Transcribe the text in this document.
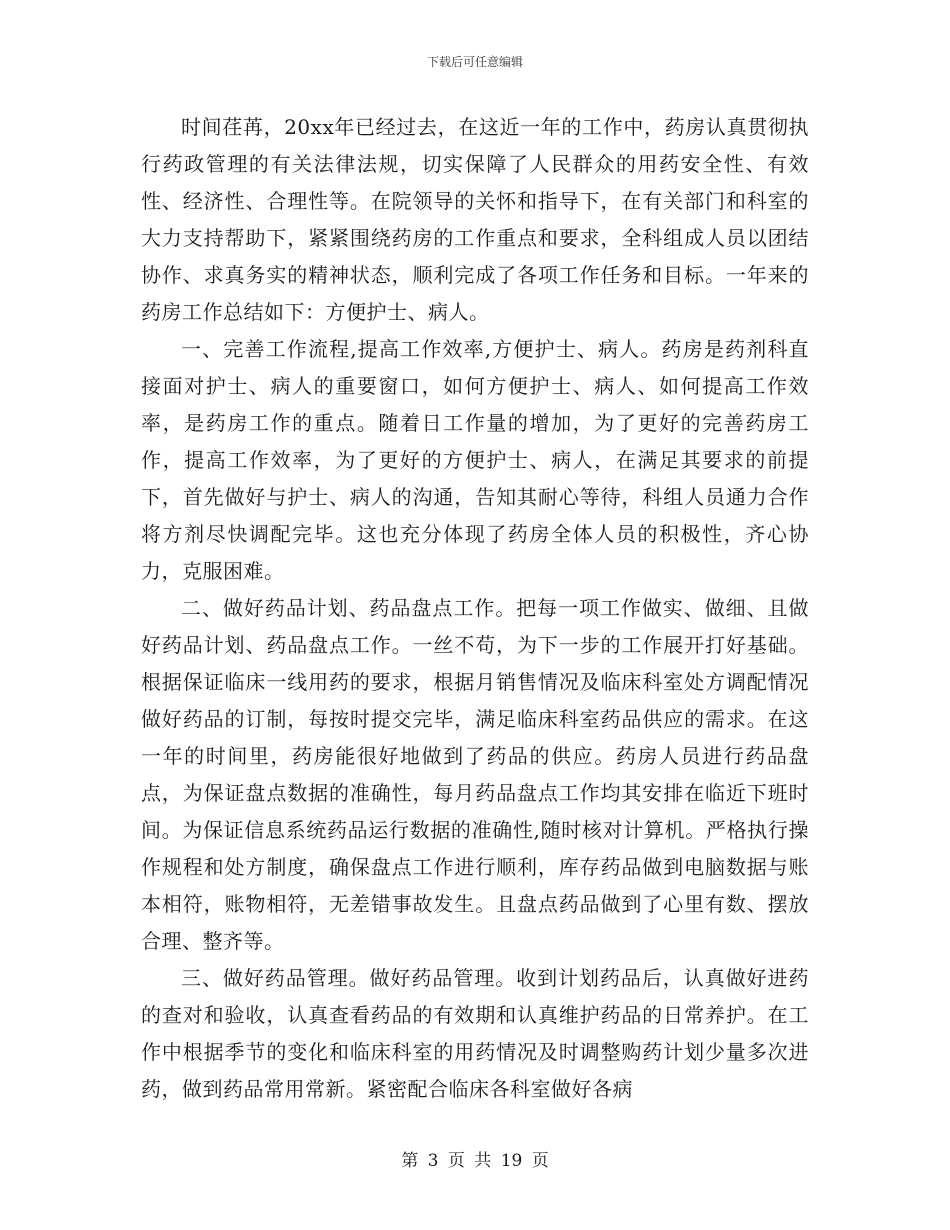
下载后可任意编辑

时间荏苒，20xx年已经过去，在这近一年的工作中，药房认真贯彻执行药政管理的有关法律法规，切实保障了人民群众的用药安全性、有效性、经济性、合理性等。在院领导的关怀和指导下，在有关部门和科室的大力支持帮助下，紧紧围绕药房的工作重点和要求，全科组成人员以团结协作、求真务实的精神状态，顺利完成了各项工作任务和目标。一年来的药房工作总结如下：方便护士、病人。

一、完善工作流程,提高工作效率,方便护士、病人。药房是药剂科直接面对护士、病人的重要窗口，如何方便护士、病人、如何提高工作效率，是药房工作的重点。随着日工作量的增加，为了更好的完善药房工作，提高工作效率，为了更好的方便护士、病人，在满足其要求的前提下，首先做好与护士、病人的沟通，告知其耐心等待，科组人员通力合作将方剂尽快调配完毕。这也充分体现了药房全体人员的积极性，齐心协力，克服困难。

二、做好药品计划、药品盘点工作。把每一项工作做实、做细、且做好药品计划、药品盘点工作。一丝不苟，为下一步的工作展开打好基础。根据保证临床一线用药的要求，根据月销售情况及临床科室处方调配情况做好药品的订制，每按时提交完毕，满足临床科室药品供应的需求。在这一年的时间里，药房能很好地做到了药品的供应。药房人员进行药品盘点，为保证盘点数据的准确性，每月药品盘点工作均其安排在临近下班时间。为保证信息系统药品运行数据的准确性,随时核对计算机。严格执行操作规程和处方制度，确保盘点工作进行顺利，库存药品做到电脑数据与账本相符，账物相符，无差错事故发生。且盘点药品做到了心里有数、摆放合理、整齐等。

三、做好药品管理。做好药品管理。收到计划药品后，认真做好进药的查对和验收，认真查看药品的有效期和认真维护药品的日常养护。在工作中根据季节的变化和临床科室的用药情况及时调整购药计划少量多次进药，做到药品常用常新。紧密配合临床各科室做好各病

第 3 页 共 19 页
